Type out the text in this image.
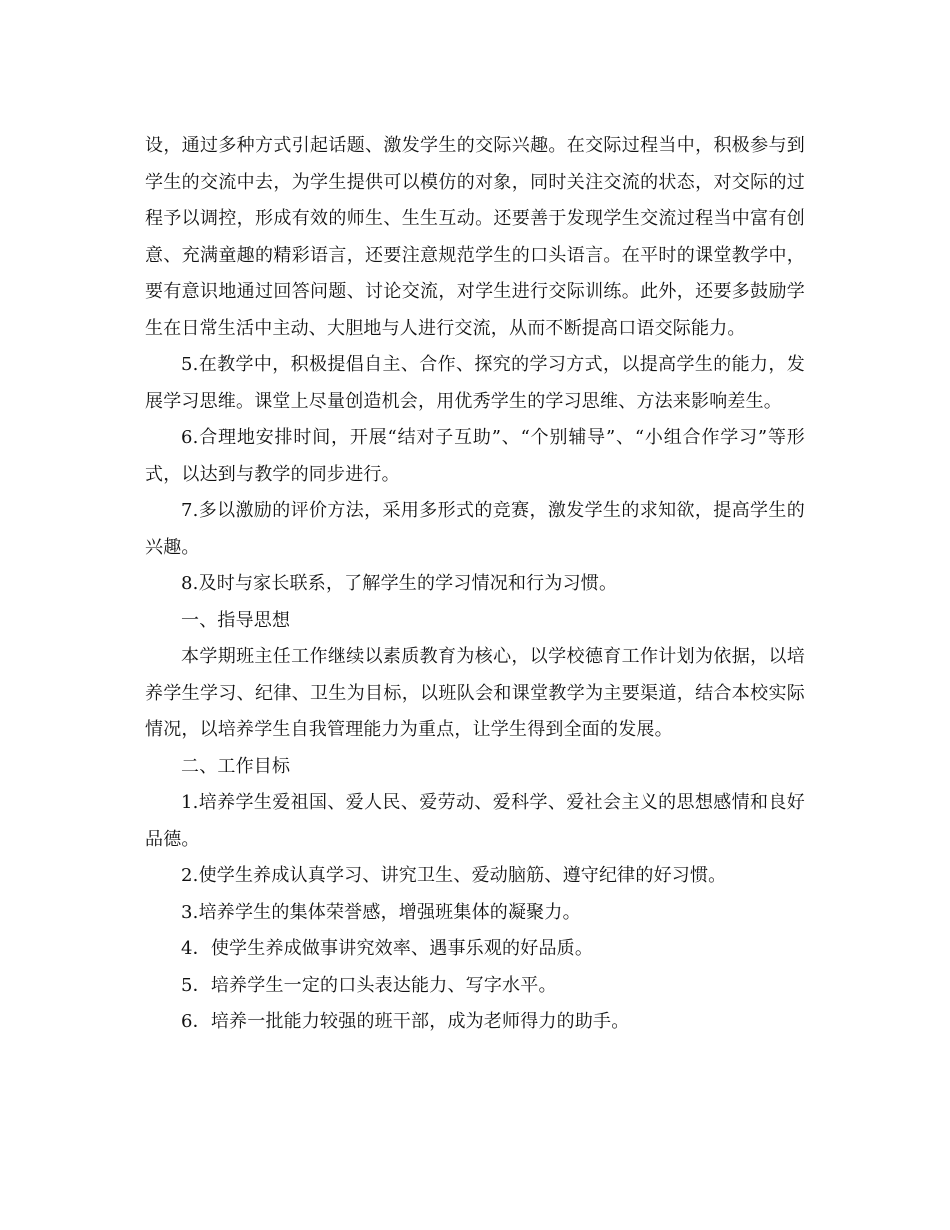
设，通过多种方式引起话题、激发学生的交际兴趣。在交际过程当中，积极参与到学生的交流中去，为学生提供可以模仿的对象，同时关注交流的状态，对交际的过程予以调控，形成有效的师生、生生互动。还要善于发现学生交流过程当中富有创意、充满童趣的精彩语言，还要注意规范学生的口头语言。在平时的课堂教学中，要有意识地通过回答问题、讨论交流，对学生进行交际训练。此外，还要多鼓励学生在日常生活中主动、大胆地与人进行交流，从而不断提高口语交际能力。

5.在教学中，积极提倡自主、合作、探究的学习方式，以提高学生的能力，发展学习思维。课堂上尽量创造机会，用优秀学生的学习思维、方法来影响差生。

6.合理地安排时间，开展“结对子互助”、“个别辅导”、“小组合作学习”等形式，以达到与教学的同步进行。

7.多以激励的评价方法，采用多形式的竞赛，激发学生的求知欲，提高学生的兴趣。

8.及时与家长联系，了解学生的学习情况和行为习惯。

一、指导思想

本学期班主任工作继续以素质教育为核心，以学校德育工作计划为依据，以培养学生学习、纪律、卫生为目标，以班队会和课堂教学为主要渠道，结合本校实际情况，以培养学生自我管理能力为重点，让学生得到全面的发展。

二、工作目标

1.培养学生爱祖国、爱人民、爱劳动、爱科学、爱社会主义的思想感情和良好品德。

2.使学生养成认真学习、讲究卫生、爱动脑筋、遵守纪律的好习惯。

3.培养学生的集体荣誉感，增强班集体的凝聚力。

4．使学生养成做事讲究效率、遇事乐观的好品质。

5．培养学生一定的口头表达能力、写字水平。

6．培养一批能力较强的班干部，成为老师得力的助手。
